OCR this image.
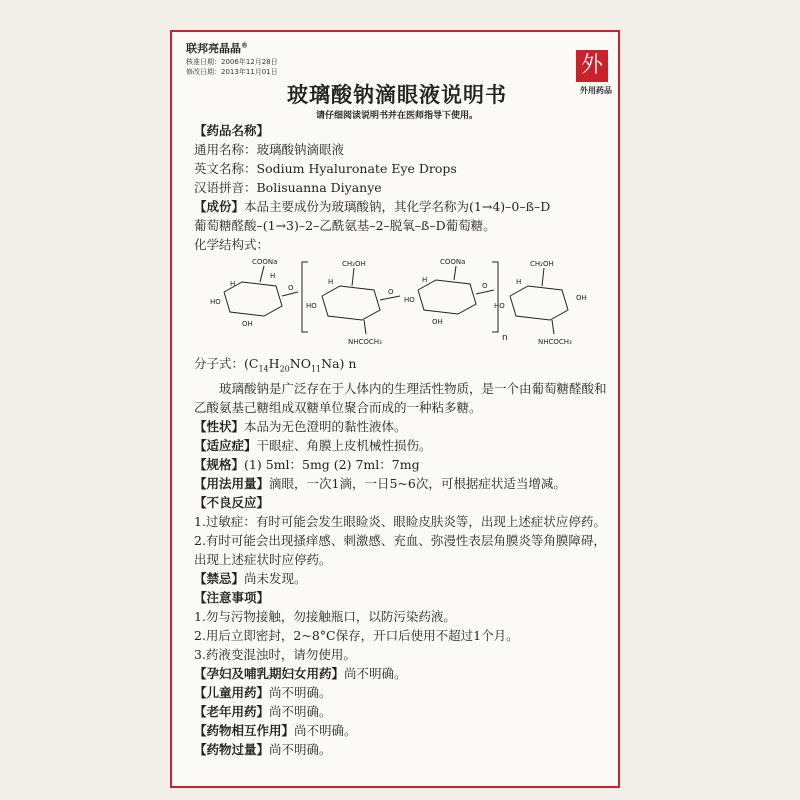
联邦亮晶晶®
核准日期：2006年12月28日
修改日期：2013年11月01日	外
外用药品
玻璃酸钠滴眼液说明书
请仔细阅读说明书并在医师指导下使用。
【药品名称】
通用名称：玻璃酸钠滴眼液
英文名称：Sodium Hyaluronate Eye Drops
汉语拼音：Bolisuanna Diyanye
【成份】本品主要成份为玻璃酸钠，其化学名称为(1→4)–0–ß–D
葡萄糖醛酸–(1→3)–2–乙酰氨基–2–脱氧–ß–D葡萄糖。
化学结构式：
COONa	CH₂OH	COONa	CH₂OH
HO	HO
HO
HO
OH	OH
OH
O	O
O
NHCOCH₃	NHCOCH₃
n
H
H	H	H	H
分子式：$(C_{14}H_{20}NO_{11}Na)$ n
玻璃酸钠是广泛存在于人体内的生理活性物质，是一个由葡萄糖醛酸和乙酸氨基己糖组成双糖单位聚合而成的一种粘多糖。
【性状】本品为无色澄明的黏性液体。
【适应症】干眼症、角膜上皮机械性损伤。
【规格】(1) 5ml：5mg (2) 7ml：7mg
【用法用量】滴眼，一次1滴，一日5~6次，可根据症状适当增减。
【不良反应】
1.过敏症：有时可能会发生眼睑炎、眼睑皮肤炎等，出现上述症状应停药。
2.有时可能会出现搔痒感、刺激感、充血、弥漫性表层角膜炎等角膜障碍，出现上述症状时应停药。
【禁忌】尚未发现。
【注意事项】
1.勿与污物接触，勿接触瓶口，以防污染药液。
2.用后立即密封，2~8°C保存，开口后使用不超过1个月。
3.药液变混浊时，请勿使用。
【孕妇及哺乳期妇女用药】尚不明确。
【儿童用药】尚不明确。
【老年用药】尚不明确。
【药物相互作用】尚不明确。
【药物过量】尚不明确。
